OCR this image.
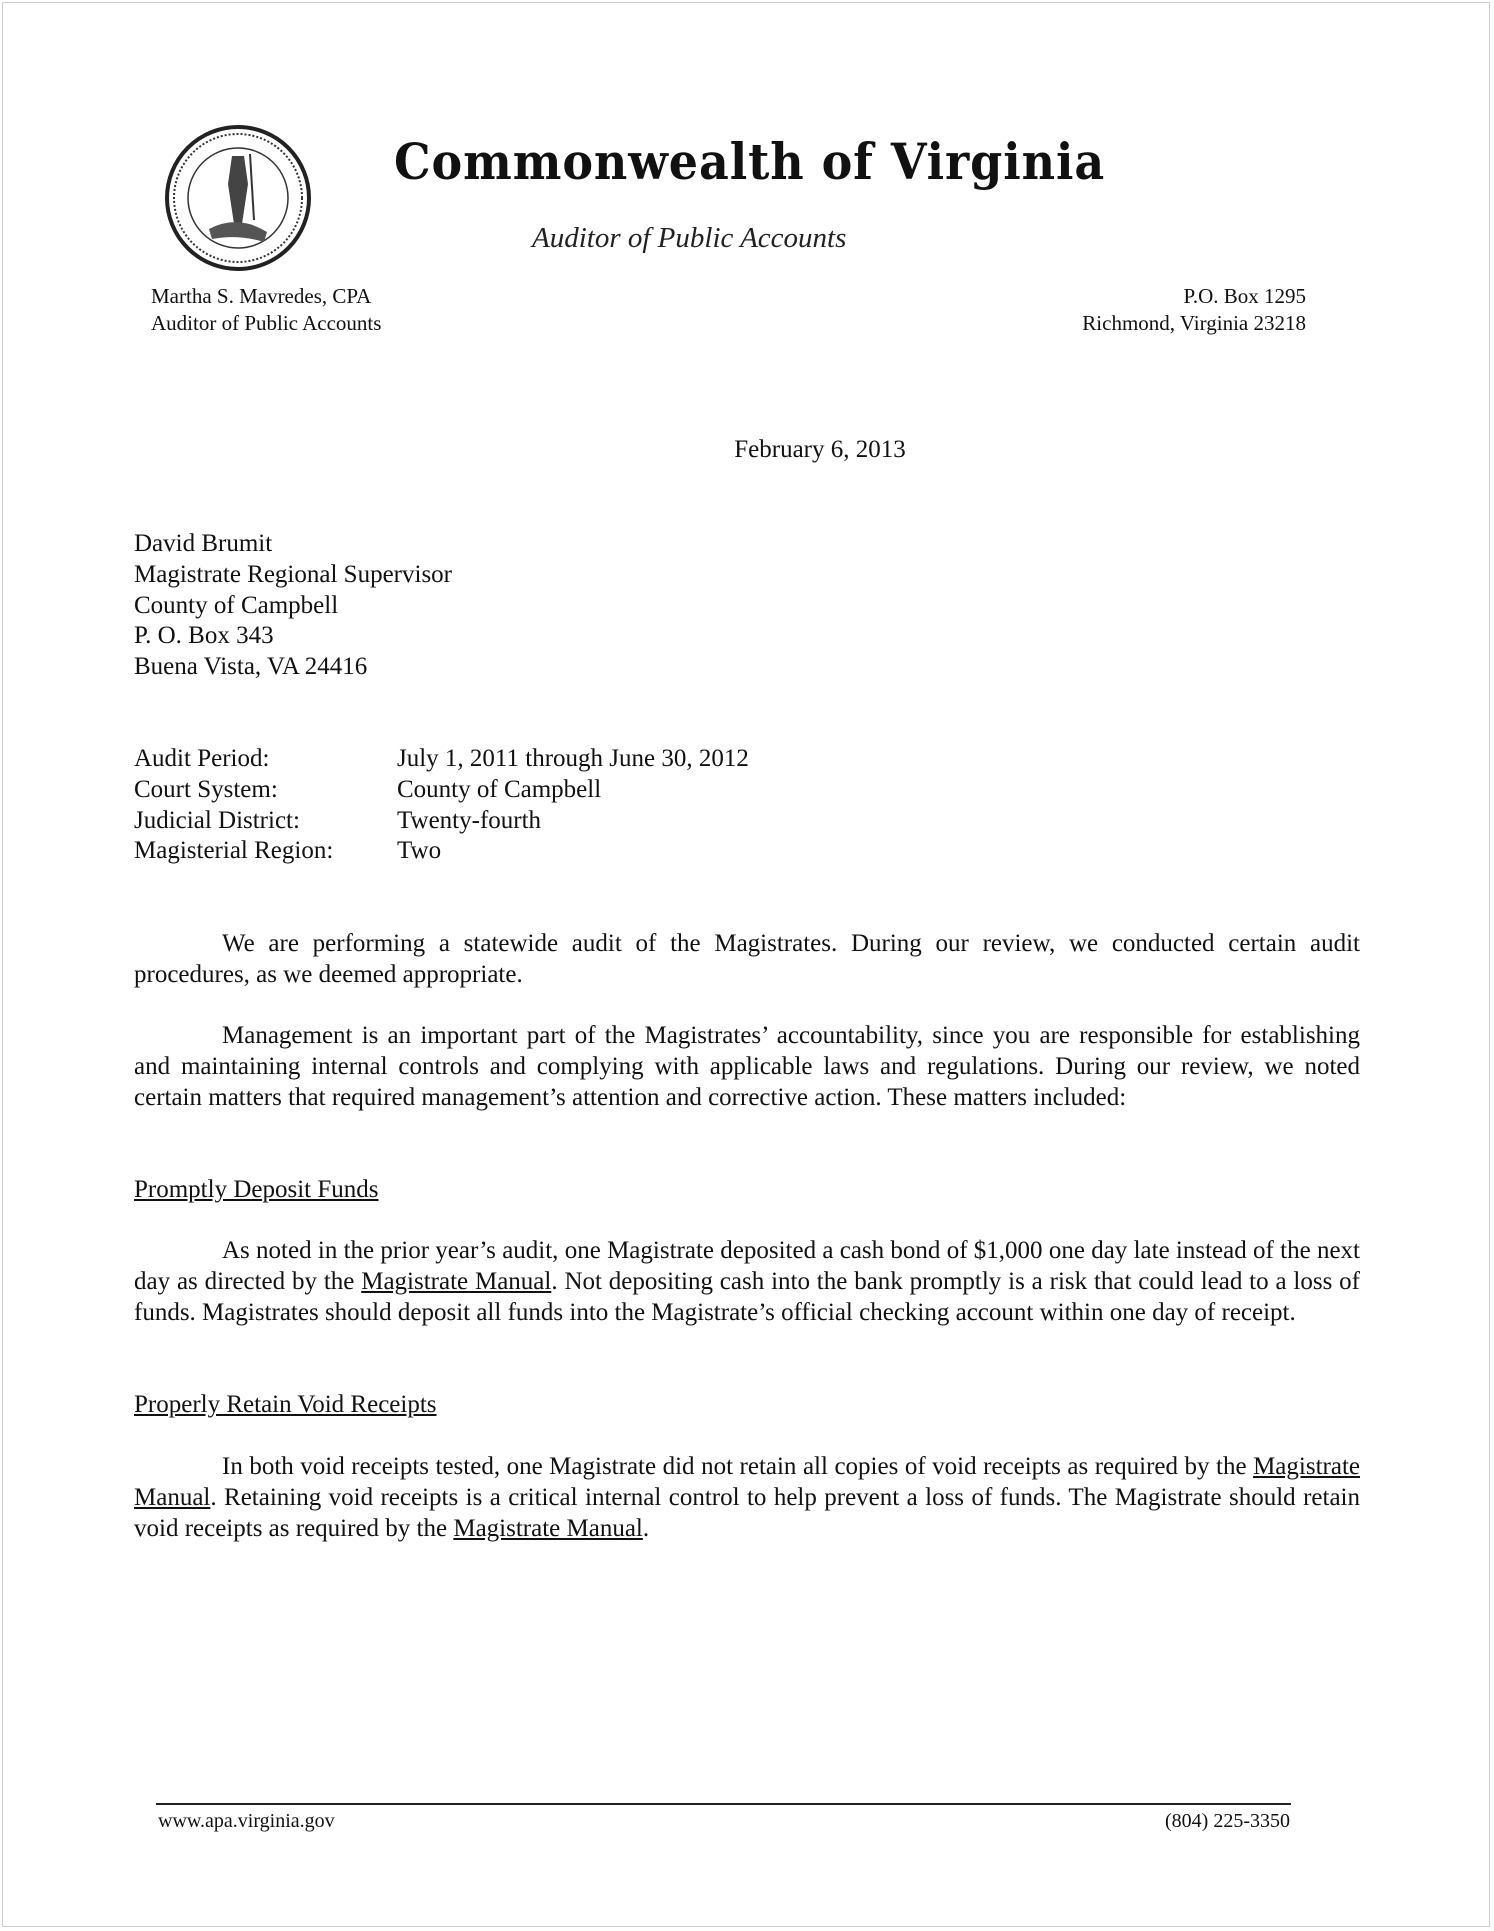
Commonwealth of Virginia
Auditor of Public Accounts
Martha S. Mavredes, CPA
Auditor of Public Accounts
P.O. Box 1295
Richmond, Virginia 23218
February 6, 2013
David Brumit
Magistrate Regional Supervisor
County of Campbell
P. O. Box 343
Buena Vista, VA 24416
Audit Period:	July 1, 2011 through June 30, 2012
Court System:	County of Campbell
Judicial District:	Twenty-fourth
Magisterial Region:	Two

We are performing a statewide audit of the Magistrates. During our review, we conducted certain audit procedures, as we deemed appropriate.

Management is an important part of the Magistrates’ accountability, since you are responsible for establishing and maintaining internal controls and complying with applicable laws and regulations. During our review, we noted certain matters that required management’s attention and corrective action. These matters included:

Promptly Deposit Funds

As noted in the prior year’s audit, one Magistrate deposited a cash bond of $1,000 one day late instead of the next day as directed by the Magistrate Manual. Not depositing cash into the bank promptly is a risk that could lead to a loss of funds. Magistrates should deposit all funds into the Magistrate’s official checking account within one day of receipt.

Properly Retain Void Receipts

In both void receipts tested, one Magistrate did not retain all copies of void receipts as required by the Magistrate Manual. Retaining void receipts is a critical internal control to help prevent a loss of funds. The Magistrate should retain void receipts as required by the Magistrate Manual.

www.apa.virginia.gov	(804) 225-3350
